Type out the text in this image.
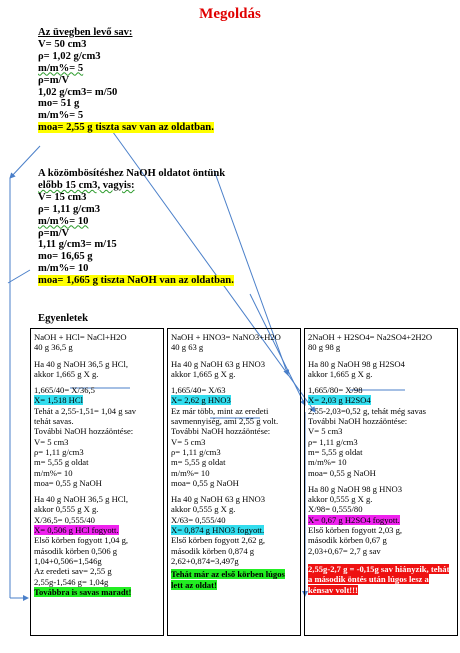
Megoldás
Az üvegben levő sav:
V= 50 cm3
ρ= 1,02 g/cm3
m/m%= 5
ρ=m/V
1,02 g/cm3= m/50
mo= 51 g
m/m%= 5
moa= 2,55 g tiszta sav van az oldatban.
A közömbösítéshez NaOH oldatot öntünk
előbb 15 cm3, vagyis:
V= 15 cm3
ρ= 1,11 g/cm3
m/m%= 10
ρ=m/V
1,11 g/cm3= m/15
mo= 16,65 g
m/m%= 10
moa= 1,665 g tiszta NaOH van az oldatban.
Egyenletek
NaOH + HCl= NaCl+H2O
40 g 36,5 g
Ha 40 g NaOH 36,5 g HCl,
akkor 1,665 g X g.
1,665/40= X/36,5
X= 1,518 HCl
Tehát a 2,55-1,51= 1,04 g sav
tehát savas.
További NaOH hozzáöntése:
V= 5 cm3
ρ= 1,11 g/cm3
m= 5,55 g oldat
m/m%= 10
moa= 0,55 g NaOH
Ha 40 g NaOH 36,5 g HCl,
akkor 0,555 g X g.
X/36,5= 0,555/40
X= 0,506 g HCl fogyott.
Első körben fogyott 1,04 g,
második körben 0,506 g
1,04+0,506=1,546g
Az eredeti sav= 2,55 g
2,55g-1,546 g= 1,04g
Továbbra is savas maradt!
NaOH + HNO3= NaNO3+H2O
40 g 63 g
Ha 40 g NaOH 63 g HNO3
akkor 1,665 g X g.
1,665/40= X/63
X= 2,62 g HNO3
Ez már több, mint az eredeti
savmennyiség, ami 2,55 g volt.
További NaOH hozzáöntése:
V= 5 cm3
ρ= 1,11 g/cm3
m= 5,55 g oldat
m/m%= 10
moa= 0,55 g NaOH
Ha 40 g NaOH 63 g HNO3
akkor 0,555 g X g.
X/63= 0,555/40
X= 0,874 g HNO3 fogyott.
Első körben fogyott 2,62 g,
második körben 0,874 g
2,62+0,874=3,497g
Tehát már az első körben lúgos lett az oldat!
2NaOH + H2SO4= Na2SO4+2H2O
80 g 98 g
Ha 80 g NaOH 98 g H2SO4
akkor 1,665 g X g.
1,665/80= X/98
X= 2,03 g H2SO4
2,55-2,03=0,52 g, tehát még savas
További NaOH hozzáöntése:
V= 5 cm3
ρ= 1,11 g/cm3
m= 5,55 g oldat
m/m%= 10
moa= 0,55 g NaOH
Ha 80 g NaOH 98 g HNO3
akkor 0,555 g X g.
X/98= 0,555/80
X= 0,67 g H2SO4 fogyott.
Első körben fogyott 2,03 g,
második körben 0,67 g
2,03+0,67= 2,7 g sav
2,55g-2,7 g = -0,15g sav hiányzik, tehát a második öntés után lúgos lesz a kénsav volt!!!
